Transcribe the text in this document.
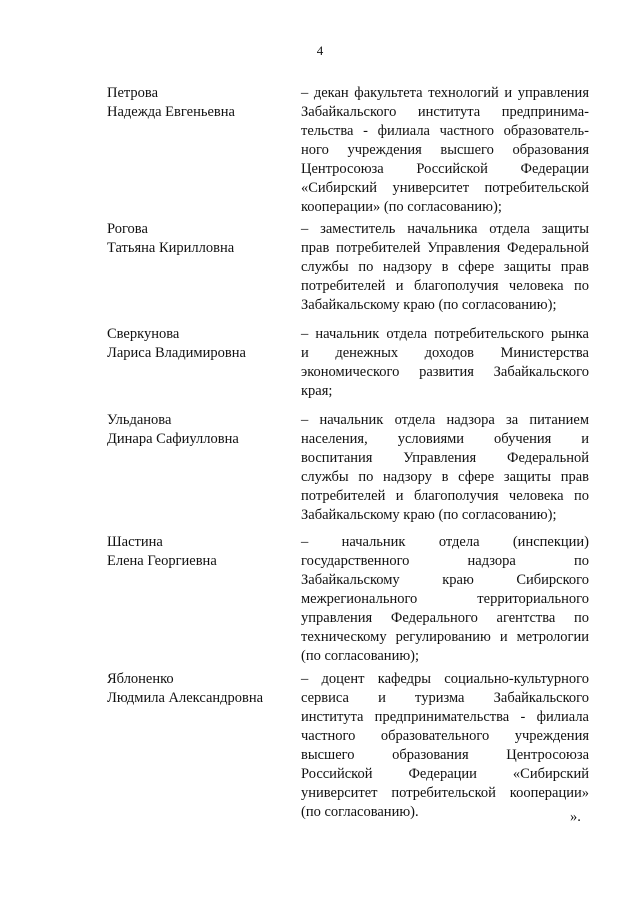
4
Петрова
Надежда Евгеньевна
– декан факультета технологий и управления
Забайкальского института предпринима-
тельства - филиала частного образователь-
ного учреждения высшего образования
Центросоюза Российской Федерации
«Сибирский университет потребительской
кооперации» (по согласованию);
Рогова
Татьяна Кирилловна
– заместитель начальника отдела защиты
прав потребителей Управления Федеральной
службы по надзору в сфере защиты прав
потребителей и благополучия человека по
Забайкальскому краю (по согласованию);
Сверкунова
Лариса Владимировна
– начальник отдела потребительского рынка
и денежных доходов Министерства
экономического развития Забайкальского
края;
Ульданова
Динара Сафиулловна
– начальник отдела надзора за питанием
населения, условиями обучения и
воспитания Управления Федеральной
службы по надзору в сфере защиты прав
потребителей и благополучия человека по
Забайкальскому краю (по согласованию);
Шастина
Елена Георгиевна
– начальник отдела (инспекции)
государственного надзора по
Забайкальскому краю Сибирского
межрегионального территориального
управления Федерального агентства по
техническому регулированию и метрологии
(по согласованию);
Яблоненко
Людмила Александровна
– доцент кафедры социально-культурного
сервиса и туризма Забайкальского
института предпринимательства - филиала
частного образовательного учреждения
высшего образования Центросоюза
Российской Федерации «Сибирский
университет потребительской кооперации»
(по согласованию).	».
